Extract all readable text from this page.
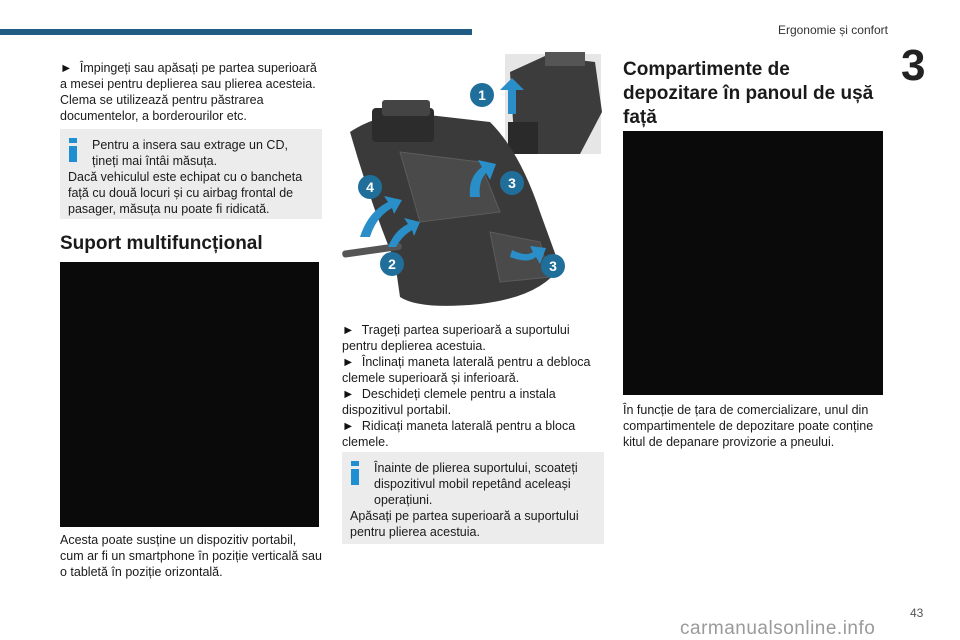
Ergonomie și confort
3

► Împingeți sau apăsați pe partea superioară a mesei pentru deplierea sau plierea acesteia.

Clema se utilizează pentru păstrarea documentelor, a borderourilor etc.

Pentru a insera sau extrage un CD, țineți mai întâi măsuța.
Dacă vehiculul este echipat cu o bancheta față cu două locuri și cu airbag frontal de pasager, măsuța nu poate fi ridicată.
Suport multifuncțional
Acesta poate susține un dispozitiv portabil, cum ar fi un smartphone în poziție verticală sau o tabletă în poziție orizontală.
1
2
3
3
4

► Trageți partea superioară a suportului pentru deplierea acestuia.

► Înclinați maneta laterală pentru a debloca clemele superioară și inferioară.

► Deschideți clemele pentru a instala dispozitivul portabil.

► Ridicați maneta laterală pentru a bloca clemele.

Înainte de plierea suportului, scoateți dispozitivul mobil repetând aceleași operațiuni.
Apăsați pe partea superioară a suportului pentru plierea acestuia.
Compartimente de depozitare în panoul de ușă față
În funcție de țara de comercializare, unul din compartimentele de depozitare poate conține kitul de depanare provizorie a pneului.
carmanualsonline.info
43
